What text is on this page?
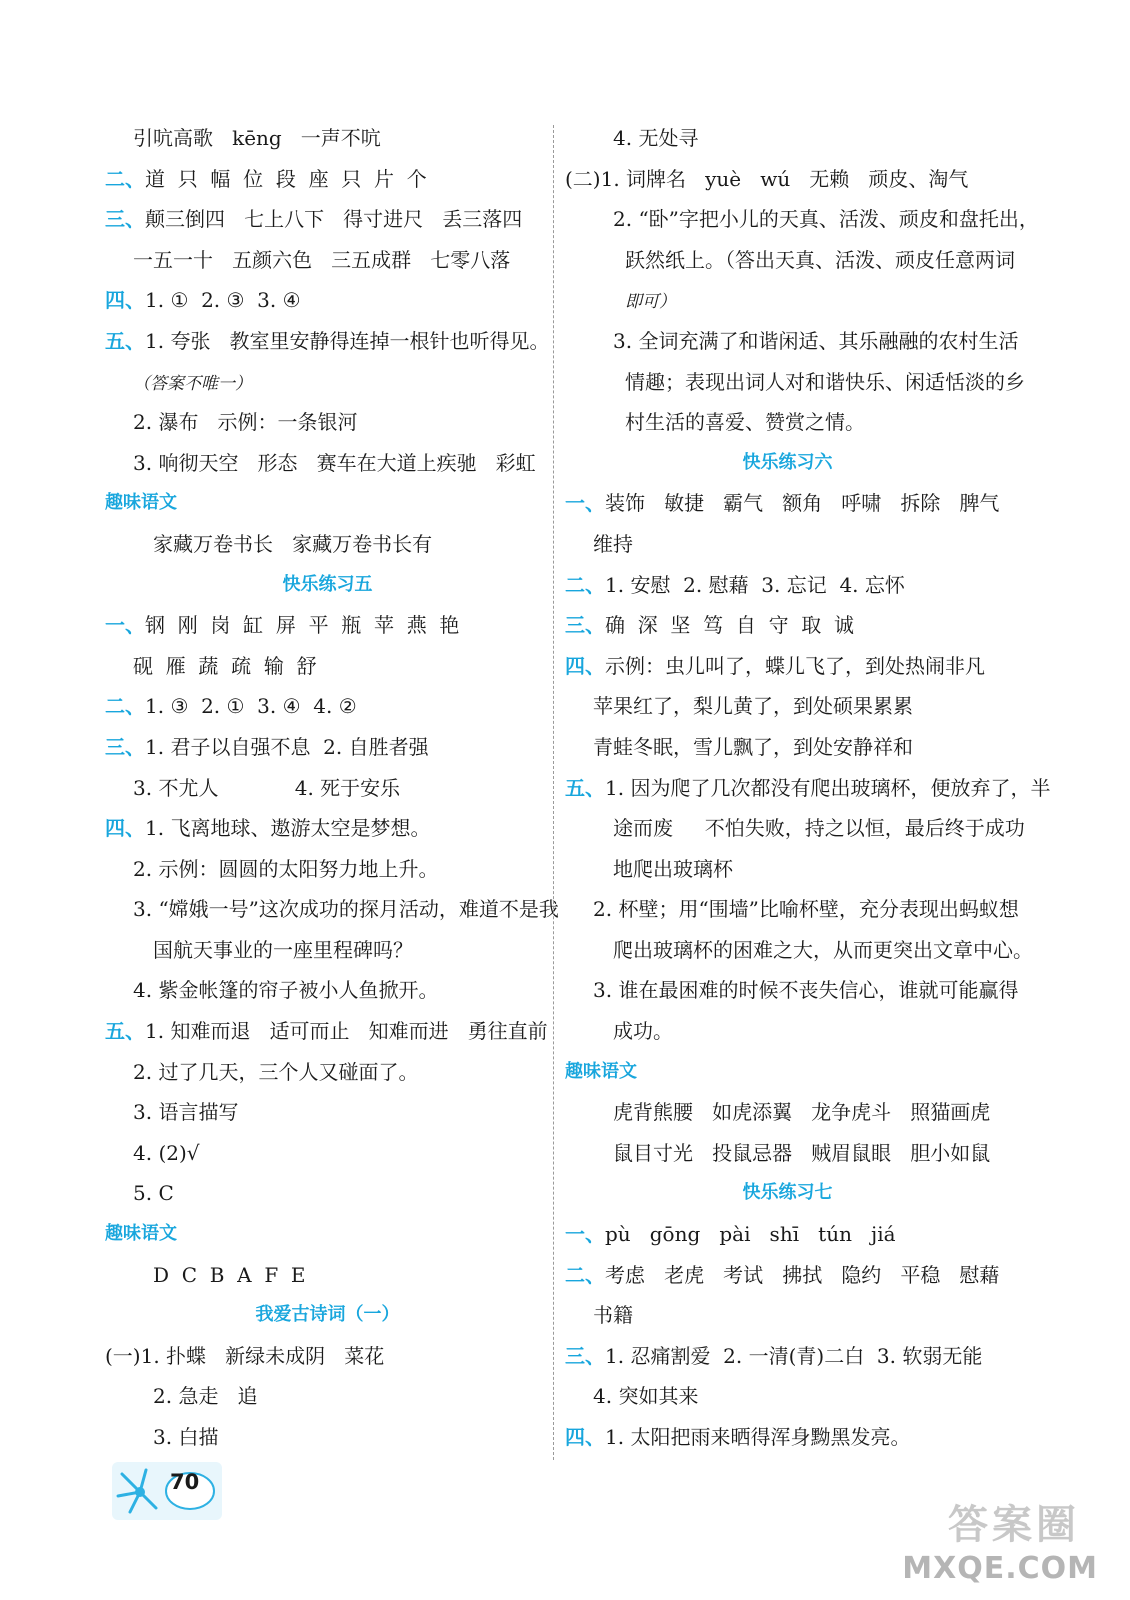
引吭高歌   kēng   一声不吭
二、道  只  幅  位  段  座  只  片  个
三、颠三倒四   七上八下   得寸进尺   丢三落四
一五一十   五颜六色   三五成群   七零八落
四、1. ①  2. ③  3. ④
五、1. 夸张   教室里安静得连掉一根针也听得见。
（答案不唯一）
2. 瀑布   示例：一条银河
3. 响彻天空   形态   赛车在大道上疾驰   彩虹
趣味语文
家藏万卷书长   家藏万卷书长有
快乐练习五
一、钢  刚  岗  缸  屏  平  瓶  苹  燕  艳
砚  雁  蔬  疏  输  舒
二、1. ③  2. ①  3. ④  4. ②
三、1. 君子以自强不息  2. 自胜者强
3. 不尤人            4. 死于安乐
四、1. 飞离地球、遨游太空是梦想。
2. 示例：圆圆的太阳努力地上升。
3. “嫦娥一号”这次成功的探月活动，难道不是我
国航天事业的一座里程碑吗？
4. 紫金帐篷的帘子被小人鱼掀开。
五、1. 知难而退   适可而止   知难而进   勇往直前
2. 过了几天，三个人又碰面了。
3. 语言描写
4. (2)√
5. C
趣味语文
D  C  B  A  F  E
我爱古诗词（一）
(一)1. 扑蝶   新绿未成阴   菜花
2. 急走   追
3. 白描
4. 无处寻
(二)1. 词牌名   yuè   wú   无赖   顽皮、淘气
2. “卧”字把小儿的天真、活泼、顽皮和盘托出，
跃然纸上。（答出天真、活泼、顽皮任意两词
即可）
3. 全词充满了和谐闲适、其乐融融的农村生活
情趣；表现出词人对和谐快乐、闲适恬淡的乡
村生活的喜爱、赞赏之情。
快乐练习六
一、装饰   敏捷   霸气   额角   呼啸   拆除   脾气
维持
二、1. 安慰  2. 慰藉  3. 忘记  4. 忘怀
三、确  深  坚  笃  自  守  取  诚
四、示例：虫儿叫了，蝶儿飞了，到处热闹非凡
苹果红了，梨儿黄了，到处硕果累累
青蛙冬眠，雪儿飘了，到处安静祥和
五、1. 因为爬了几次都没有爬出玻璃杯，便放弃了，半
途而废     不怕失败，持之以恒，最后终于成功
地爬出玻璃杯
2. 杯壁；用“围墙”比喻杯壁，充分表现出蚂蚁想
爬出玻璃杯的困难之大，从而更突出文章中心。
3. 谁在最困难的时候不丧失信心，谁就可能赢得
成功。
趣味语文
虎背熊腰   如虎添翼   龙争虎斗   照猫画虎
鼠目寸光   投鼠忌器   贼眉鼠眼   胆小如鼠
快乐练习七
一、pù   gōng   pài   shī   tún   jiá
二、考虑   老虎   考试   拂拭   隐约   平稳   慰藉
书籍
三、1. 忍痛割爱  2. 一清(青)二白  3. 软弱无能
4. 突如其来
四、1. 太阳把雨来晒得浑身黝黑发亮。
70
答案圈
MXQE.COM
